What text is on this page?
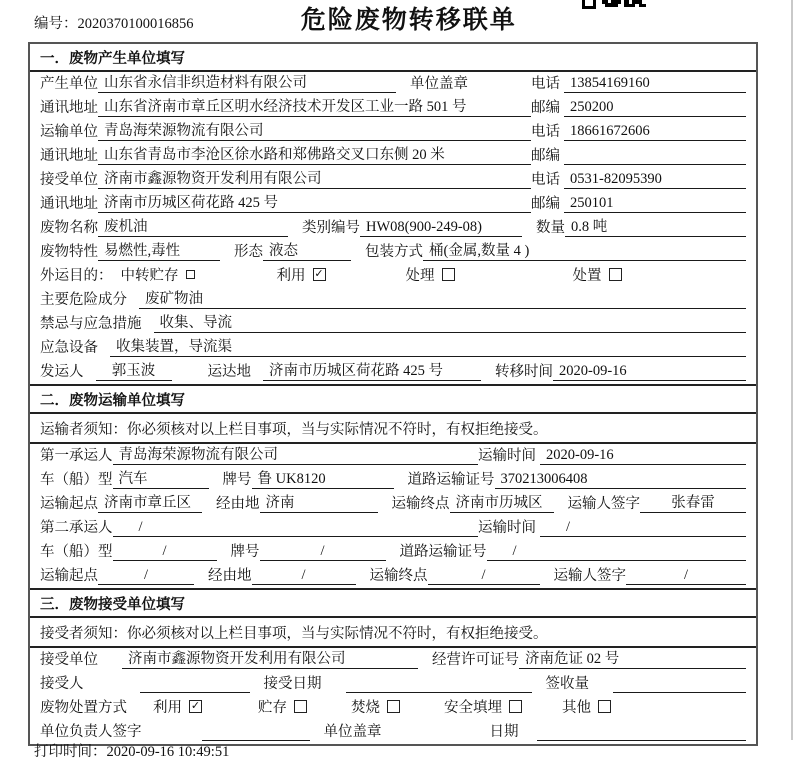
编号：2020370100016856	危险废物转移联单
一．废物产生单位填写
产生单位 山东省永信非织造材料有限公司	单位盖章	电话 13854169160
通讯地址 山东省济南市章丘区明水经济技术开发区工业一路 501 号	邮编 250200
运输单位 青岛海荣源物流有限公司	电话 18661672606
通讯地址 山东省青岛市李沧区徐水路和郑佛路交叉口东侧 20 米	邮编
接受单位 济南市鑫源物资开发利用有限公司	电话 0531-82095390
通讯地址 济南市历城区荷花路 425 号	邮编 250101
废物名称 废机油	类别编号 HW08(900-249-08)	数量 0.8 吨
废物特性 易燃性,毒性	形态 液态	包装方式 桶(金属,数量 4 )
外运目的： 中转贮存	利用 ✓	处理	处置
主要危险成分	废矿物油
禁忌与应急措施	收集、导流
应急设备	收集装置，导流渠
发运人	郭玉波	运达地	济南市历城区荷花路 425 号	转移时间 2020-09-16
二．废物运输单位填写
运输者须知：你必须核对以上栏目事项，当与实际情况不符时，有权拒绝接受。
第一承运人 青岛海荣源物流有限公司	运输时间 2020-09-16
车（船）型 汽车	牌号 鲁 UK8120	道路运输证号 370213006408
运输起点 济南市章丘区	经由地 济南	运输终点 济南市历城区	运输人签字	张春雷
第二承运人	/	运输时间	/
车（船）型	/	牌号	/	道路运输证号	/
运输起点	/	经由地	/	运输终点	/	运输人签字	/
三．废物接受单位填写
接受者须知：你必须核对以上栏目事项，当与实际情况不符时，有权拒绝接受。
接受单位	济南市鑫源物资开发利用有限公司	经营许可证号 济南危证 02 号
接受人	接受日期	签收量
废物处置方式 利用 ✓	贮存	焚烧	安全填埋	其他
单位负责人签字	单位盖章	日期
打印时间：2020-09-16 10:49:51
